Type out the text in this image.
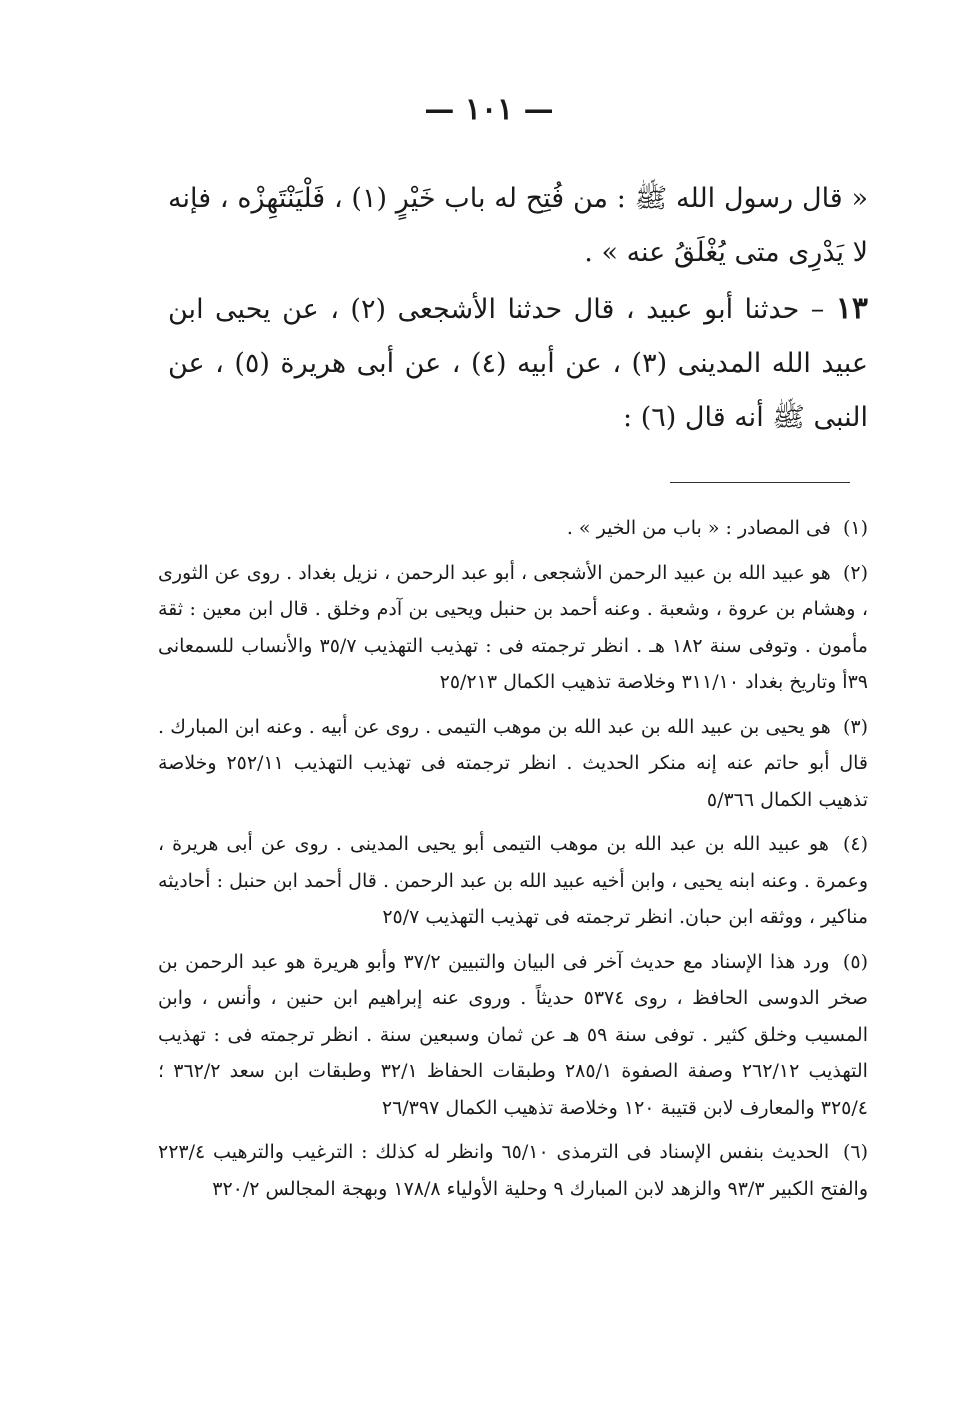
— ١٠١ —
« قال رسول الله ﷺ : من فُتِح له باب خَيْرٍ (١) ، فَلْيَنْتَهِزْه ، فإنه لا يَدْرِى متى يُغْلَقُ عنه » .
١٣ – حدثنا أبو عبيد ، قال حدثنا الأشجعى (٢) ، عن يحيى ابن عبيد الله المدينى (٣) ، عن أبيه (٤) ، عن أبى هريرة (٥) ، عن النبى ﷺ أنه قال (٦) :

(١) فى المصادر : « باب من الخير » .

(٢) هو عبيد الله بن عبيد الرحمن الأشجعى ، أبو عبد الرحمن ، نزيل بغداد . روى عن الثورى ، وهشام بن عروة ، وشعبة . وعنه أحمد بن حنبل ويحيى بن آدم وخلق . قال ابن معين : ثقة مأمون . وتوفى سنة ١٨٢ هـ . انظر ترجمته فى : تهذيب التهذيب ٣٥/٧ والأنساب للسمعانى ٣٩أ وتاريخ بغداد ٣١١/١٠ وخلاصة تذهيب الكمال ٢٥/٢١٣

(٣) هو يحيى بن عبيد الله بن عبد الله بن موهب التيمى . روى عن أبيه . وعنه ابن المبارك . قال أبو حاتم عنه إنه منكر الحديث . انظر ترجمته فى تهذيب التهذيب ٢٥٢/١١ وخلاصة تذهيب الكمال ٥/٣٦٦

(٤) هو عبيد الله بن عبد الله بن موهب التيمى أبو يحيى المدينى . روى عن أبى هريرة ، وعمرة . وعنه ابنه يحيى ، وابن أخيه عبيد الله بن عبد الرحمن . قال أحمد ابن حنبل : أحاديثه مناكير ، ووثقه ابن حبان. انظر ترجمته فى تهذيب التهذيب ٢٥/٧

(٥) ورد هذا الإسناد مع حديث آخر فى البيان والتبيين ٣٧/٢ وأبو هريرة هو عبد الرحمن بن صخر الدوسى الحافظ ، روى ٥٣٧٤ حديثاً . وروى عنه إبراهيم ابن حنين ، وأنس ، وابن المسيب وخلق كثير . توفى سنة ٥٩ هـ عن ثمان وسبعين سنة . انظر ترجمته فى : تهذيب التهذيب ٢٦٢/١٢ وصفة الصفوة ٢٨٥/١ وطبقات الحفاظ ٣٢/١ وطبقات ابن سعد ٣٦٢/٢ ؛ ٣٢٥/٤ والمعارف لابن قتيبة ١٢٠ وخلاصة تذهيب الكمال ٢٦/٣٩٧

(٦) الحديث بنفس الإسناد فى الترمذى ٦٥/١٠ وانظر له كذلك : الترغيب والترهيب ٢٢٣/٤ والفتح الكبير ٩٣/٣ والزهد لابن المبارك ٩ وحلية الأولياء ١٧٨/٨ وبهجة المجالس ٣٢٠/٢
